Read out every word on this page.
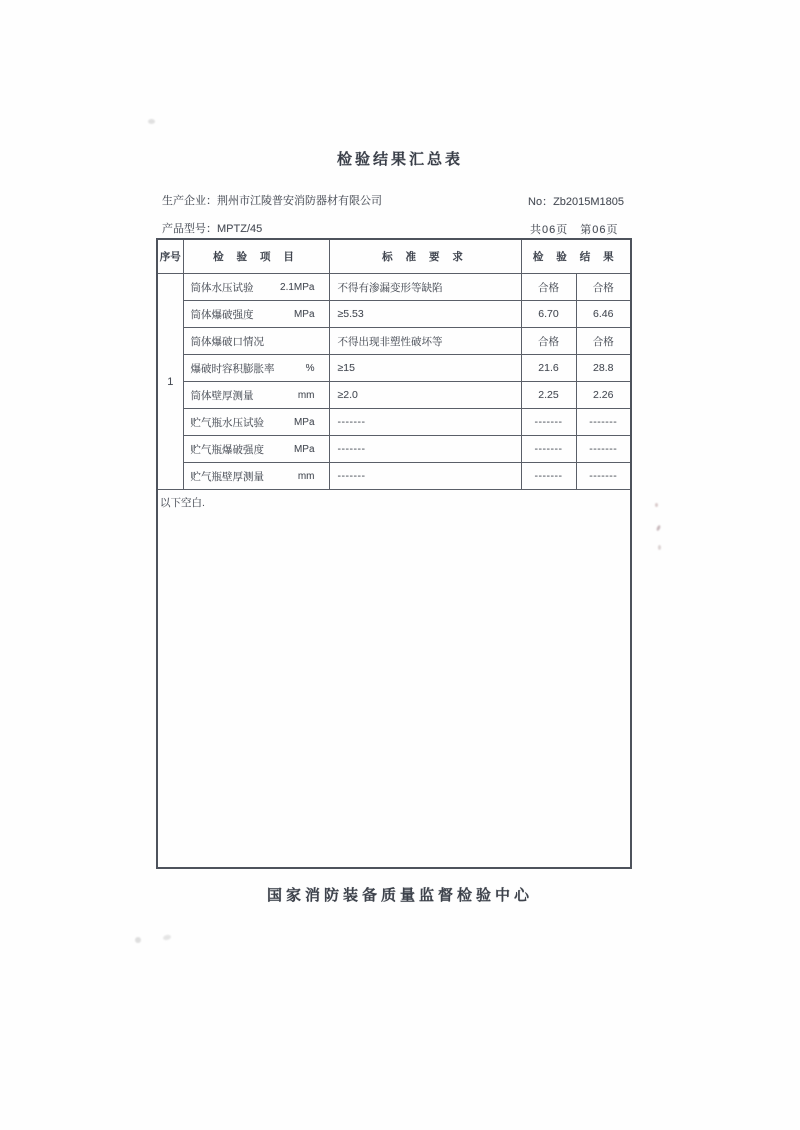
检验结果汇总表
生产企业：荆州市江陵普安消防器材有限公司	No：Zb2015M1805
产品型号：MPTZ/45	共06页　第06页
序号	检 验 项 目	标 准 要 求	检 验 结 果	
1	筒体水压试验 2.1MPa	不得有渗漏变形等缺陷	合格	合格

	筒体爆破强度 MPa	≥5.53	6.70	6.46

	筒体爆破口情况	不得出现非塑性破坏等	合格	合格

	爆破时容积膨胀率 %	≥15	21.6	28.8

	筒体壁厚测量 mm	≥2.0	2.25	2.26

	贮气瓶水压试验 MPa	-------	-------	-------

	贮气瓶爆破强度 MPa	-------	-------	-------

	贮气瓶壁厚测量 mm	-------	-------	-------
以下空白.				
国家消防装备质量监督检验中心
